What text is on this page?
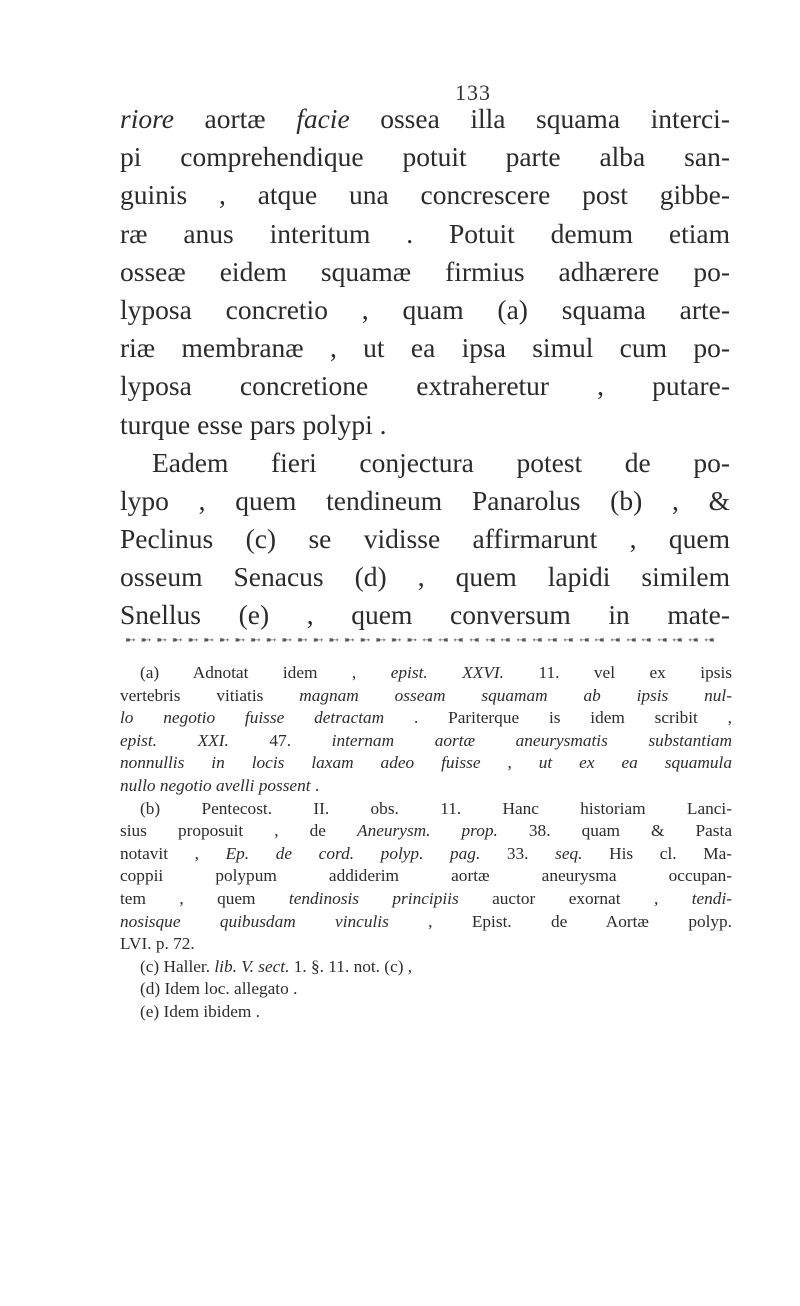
133
riore aortæ facie ossea illa squama interci-
pi comprehendique potuit parte alba san-
guinis , atque una concrescere post gibbe-
ræ anus interitum . Potuit demum etiam
osseæ eidem squamæ firmius adhærere po-
lyposa concretio , quam (a) squama arte-
riæ membranæ , ut ea ipsa simul cum po-
lyposa concretione extraheretur , putare-
turque esse pars polypi .
Eadem fieri conjectura potest de po-
lypo , quem tendineum Panarolus (b) , &
Peclinus (c) se vidisse affirmarunt , quem
osseum Senacus (d) , quem lapidi similem
Snellus (e) , quem conversum in mate-
➸ ➸ ➸ ➸ ➸ ➸ ➸ ➸ ➸ ➸ ➸ ➸ ➸ ➸ ➸ ➸ ➸ ➸ ➸ ➸ ➸ ➸ ➸ ➸ ➸ ➸ ➸ ➸ ➸ ➸ ➸ ➸ ➸ ➸ ➸ ➸ ➸ ➸
(a) Adnotat idem , epist. XXVI. 11. vel ex ipsis
vertebris vitiatis magnam osseam squamam ab ipsis nul-
lo negotio fuisse detractam . Pariterque is idem scribit ,
epist. XXI. 47. internam aortæ aneurysmatis substantiam
nonnullis in locis laxam adeo fuisse , ut ex ea squamula
nullo negotio avelli possent .
(b) Pentecost. II. obs. 11. Hanc historiam Lanci-
sius proposuit , de Aneurysm. prop. 38. quam & Pasta
notavit , Ep. de cord. polyp. pag. 33. seq. His cl. Ma-
coppii polypum addiderim aortæ aneurysma occupan-
tem , quem tendinosis principiis auctor exornat , tendi-
nosisque quibusdam vinculis , Epist. de Aortæ polyp.
LVI. p. 72.
(c) Haller. lib. V. sect. 1. §. 11. not. (c) ,
(d) Idem loc. allegato .
(e) Idem ibidem .
